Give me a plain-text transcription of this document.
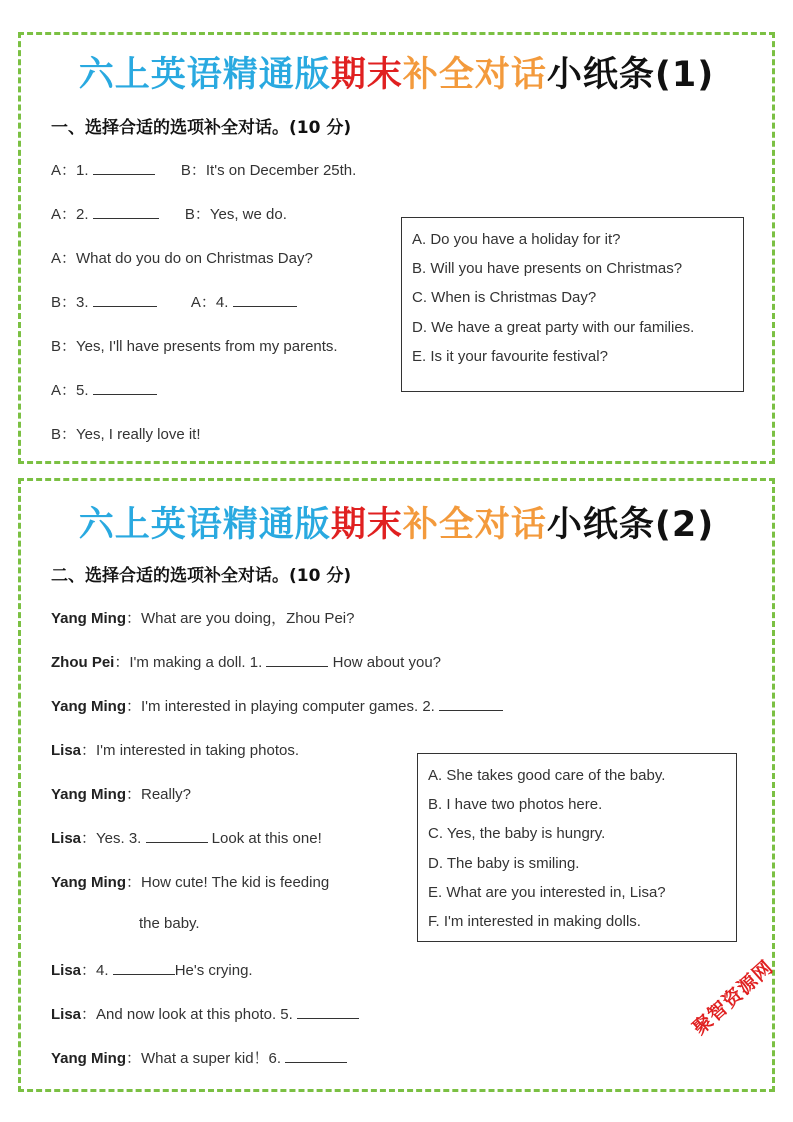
六上英语精通版期末补全对话小纸条(1)
一、选择合适的选项补全对话。(10 分)
A：1.	B：It's on December 25th.
A：2.	B：Yes, we do.
A：What do you do on Christmas Day?
B：3.	A：4.
B：Yes, I'll have presents from my parents.
A：5.
B：Yes, I really love it!
A. Do you have a holiday for it?
B. Will you have presents on Christmas?
C. When is Christmas Day?
D. We have a great party with our families.
E. Is it your favourite festival?
六上英语精通版期末补全对话小纸条(2)
二、选择合适的选项补全对话。(10 分)
Yang Ming：What are you doing，Zhou Pei?
Zhou Pei：I'm making a doll. 1.	How about you?
Yang Ming：I'm interested in playing computer games. 2.
Lisa：I'm interested in taking photos.
Yang Ming：Really?
Lisa：Yes. 3.	Look at this one!
Yang Ming：How cute! The kid is feeding
the baby.
Lisa：4.	He's crying.
Lisa：And now look at this photo. 5.
Yang Ming：What a super kid！6.
A. She takes good care of the baby.
B. I have two photos here.
C. Yes, the baby is hungry.
D. The baby is smiling.
E. What are you interested in, Lisa?
F. I'm interested in making dolls.
聚智资源网
